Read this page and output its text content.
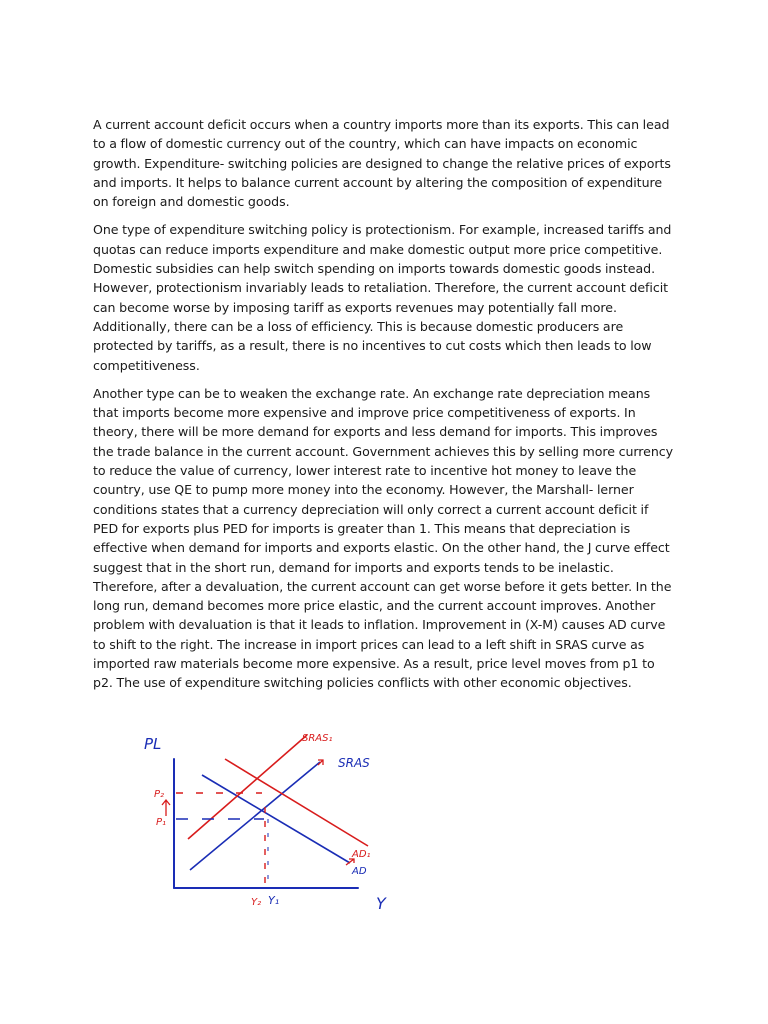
A current account deficit occurs when a country imports more than its exports. This can lead to a flow of domestic currency out of the country, which can have impacts on economic growth. Expenditure- switching policies are designed to change the relative prices of exports and imports. It helps to balance current account by altering the composition of expenditure on foreign and domestic goods.

One type of expenditure switching policy is protectionism. For example, increased tariffs and quotas can reduce imports expenditure and make domestic output more price competitive. Domestic subsidies can help switch spending on imports towards domestic goods instead. However, protectionism invariably leads to retaliation. Therefore, the current account deficit can become worse by imposing tariff as exports revenues may potentially fall more. Additionally, there can be a loss of efficiency. This is because domestic producers are protected by tariffs, as a result, there is no incentives to cut costs which then leads to low competitiveness.

Another type can be to weaken the exchange rate. An exchange rate depreciation means that imports become more expensive and improve price competitiveness of exports. In theory, there will be more demand for exports and less demand for imports. This improves the trade balance in the current account. Government achieves this by selling more currency to reduce the value of currency, lower interest rate to incentive hot money to leave the country, use QE to pump more money into the economy. However, the Marshall- lerner conditions states that a currency depreciation will only correct a current account deficit if PED for exports plus PED for imports is greater than 1. This means that depreciation is effective when demand for imports and exports elastic. On the other hand, the J curve effect suggest that in the short run, demand for imports and exports tends to be inelastic. Therefore, after a devaluation, the current account can get worse before it gets better. In the long run, demand becomes more price elastic, and the current account improves. Another problem with devaluation is that it leads to inflation. Improvement in (X-M) causes AD curve to shift to the right. The increase in import prices can lead to a left shift in SRAS curve as imported raw materials become more expensive. As a result, price level moves from p1 to p2. The use of expenditure switching policies conflicts with other economic objectives.

PL
Y
SRAS₁
SRAS
AD₁
AD
P₂
P₁
Y₂ Y₁
